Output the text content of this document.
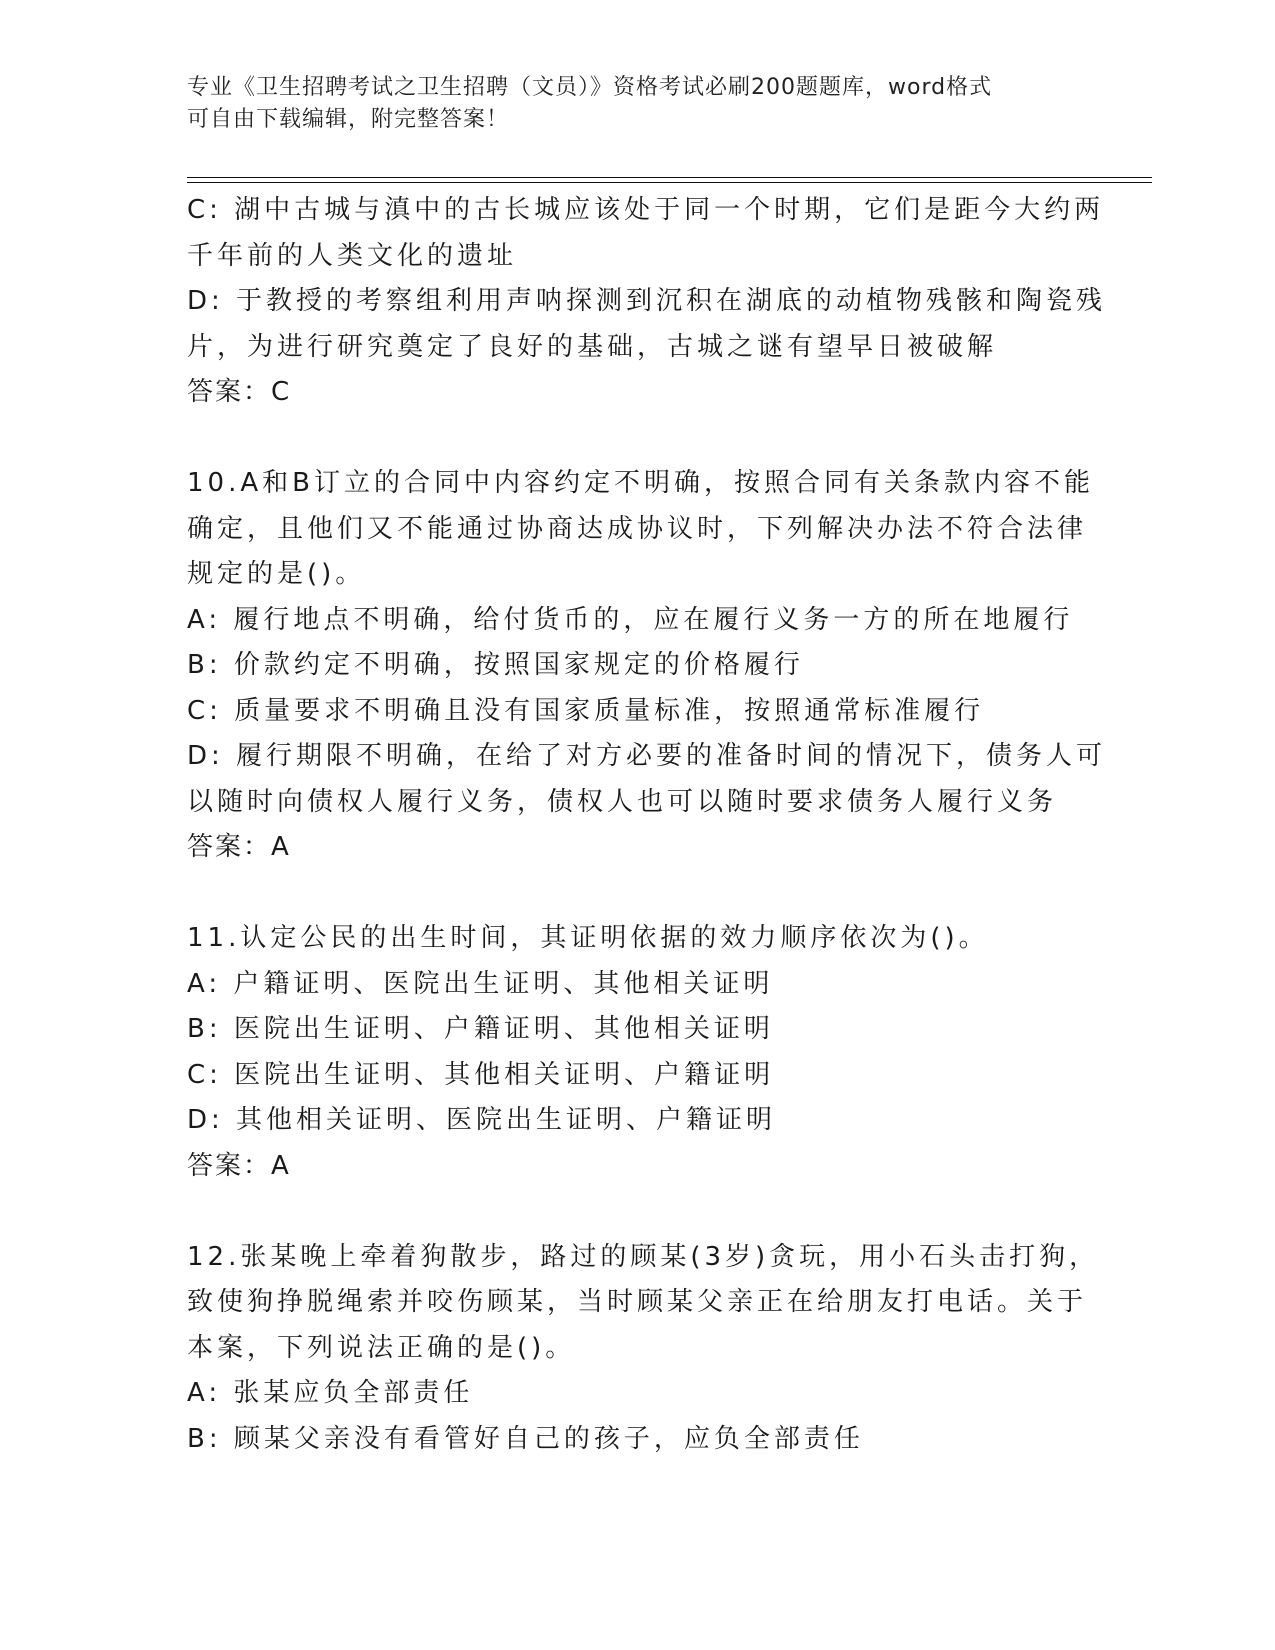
专业《卫生招聘考试之卫生招聘（文员）》资格考试必刷200题题库，word格式
可自由下载编辑，附完整答案！
C: 湖中古城与滇中的古长城应该处于同一个时期，它们是距今大约两
千年前的人类文化的遗址
D: 于教授的考察组利用声呐探测到沉积在湖底的动植物残骸和陶瓷残
片，为进行研究奠定了良好的基础，古城之谜有望早日被破解
答案：C
10.A和B订立的合同中内容约定不明确，按照合同有关条款内容不能
确定，且他们又不能通过协商达成协议时，下列解决办法不符合法律
规定的是()。
A: 履行地点不明确，给付货币的，应在履行义务一方的所在地履行
B: 价款约定不明确，按照国家规定的价格履行
C: 质量要求不明确且没有国家质量标准，按照通常标准履行
D: 履行期限不明确，在给了对方必要的准备时间的情况下，债务人可
以随时向债权人履行义务，债权人也可以随时要求债务人履行义务
答案：A
11.认定公民的出生时间，其证明依据的效力顺序依次为()。
A: 户籍证明、医院出生证明、其他相关证明
B: 医院出生证明、户籍证明、其他相关证明
C: 医院出生证明、其他相关证明、户籍证明
D: 其他相关证明、医院出生证明、户籍证明
答案：A
12.张某晚上牵着狗散步，路过的顾某(3岁)贪玩，用小石头击打狗，
致使狗挣脱绳索并咬伤顾某，当时顾某父亲正在给朋友打电话。关于
本案，下列说法正确的是()。
A: 张某应负全部责任
B: 顾某父亲没有看管好自己的孩子，应负全部责任
